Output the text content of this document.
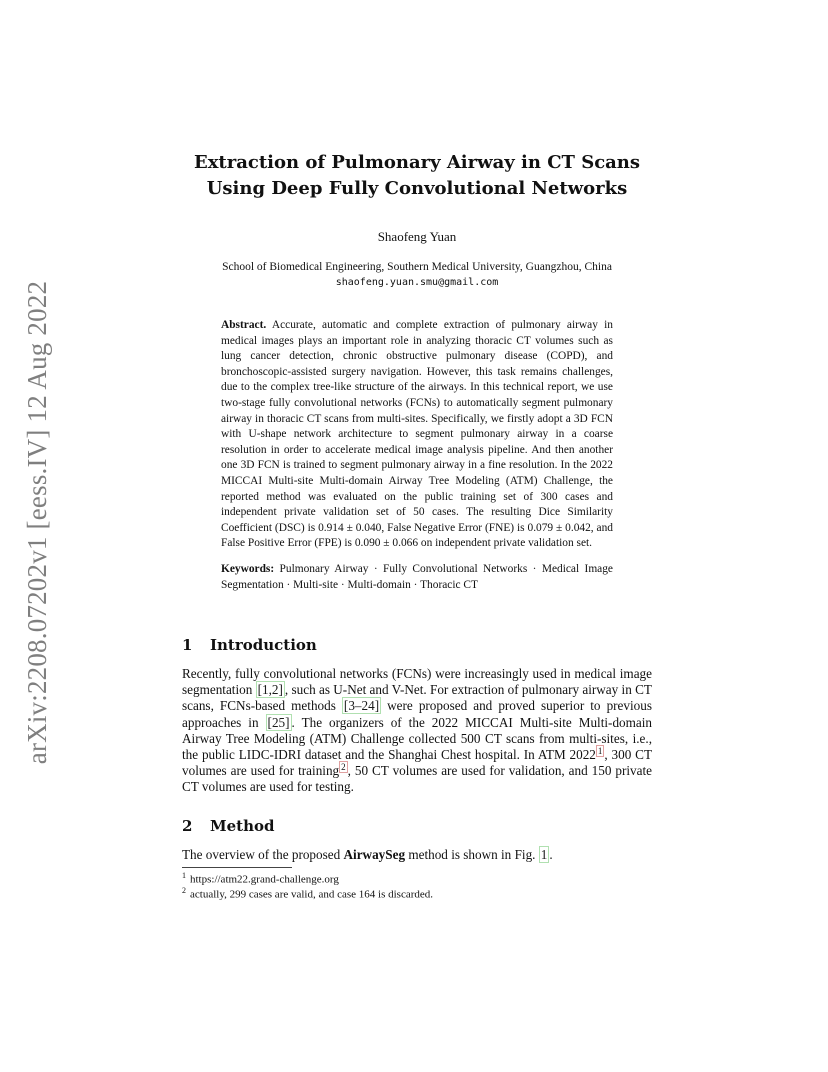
arXiv:2208.07202v1 [eess.IV] 12 Aug 2022
Extraction of Pulmonary Airway in CT Scans
Using Deep Fully Convolutional Networks
Shaofeng Yuan
School of Biomedical Engineering, Southern Medical University, Guangzhou, China
shaofeng.yuan.smu@gmail.com

Abstract. Accurate, automatic and complete extraction of pulmonary airway in medical images plays an important role in analyzing thoracic CT volumes such as lung cancer detection, chronic obstructive pulmonary disease (COPD), and bronchoscopic-assisted surgery navigation. However, this task remains challenges, due to the complex tree-like structure of the airways. In this technical report, we use two-stage fully convolutional networks (FCNs) to automatically segment pulmonary airway in thoracic CT scans from multi-sites. Specifically, we firstly adopt a 3D FCN with U-shape network architecture to segment pulmonary airway in a coarse resolution in order to accelerate medical image analysis pipeline. And then another one 3D FCN is trained to segment pulmonary airway in a fine resolution. In the 2022 MICCAI Multi-site Multi-domain Airway Tree Modeling (ATM) Challenge, the reported method was evaluated on the public training set of 300 cases and independent private validation set of 50 cases. The resulting Dice Similarity Coefficient (DSC) is 0.914 ± 0.040, False Negative Error (FNE) is 0.079 ± 0.042, and False Positive Error (FPE) is 0.090 ± 0.066 on independent private validation set.

Keywords: Pulmonary Airway · Fully Convolutional Networks · Medical Image Segmentation · Multi-site · Multi-domain · Thoracic CT

1 Introduction
Recently, fully convolutional networks (FCNs) were increasingly used in medical image segmentation [1,2] , such as U-Net and V-Net. For extraction of pulmonary airway in CT scans, FCNs-based methods [3–24] were proposed and proved superior to previous approaches in [25] . The organizers of the 2022 MICCAI Multi-site Multi-domain Airway Tree Modeling (ATM) Challenge collected 500 CT scans from multi-sites, i.e., the public LIDC-IDRI dataset and the Shanghai Chest hospital. In ATM 2022 $^1$ , 300 CT volumes are used for training $^2$ , 50 CT volumes are used for validation, and 150 private CT volumes are used for testing.
2 Method
The overview of the proposed AirwaySeg method is shown in Fig. 1 .
$^1$ https://atm22.grand-challenge.org
$^2$ actually, 299 cases are valid, and case 164 is discarded.
